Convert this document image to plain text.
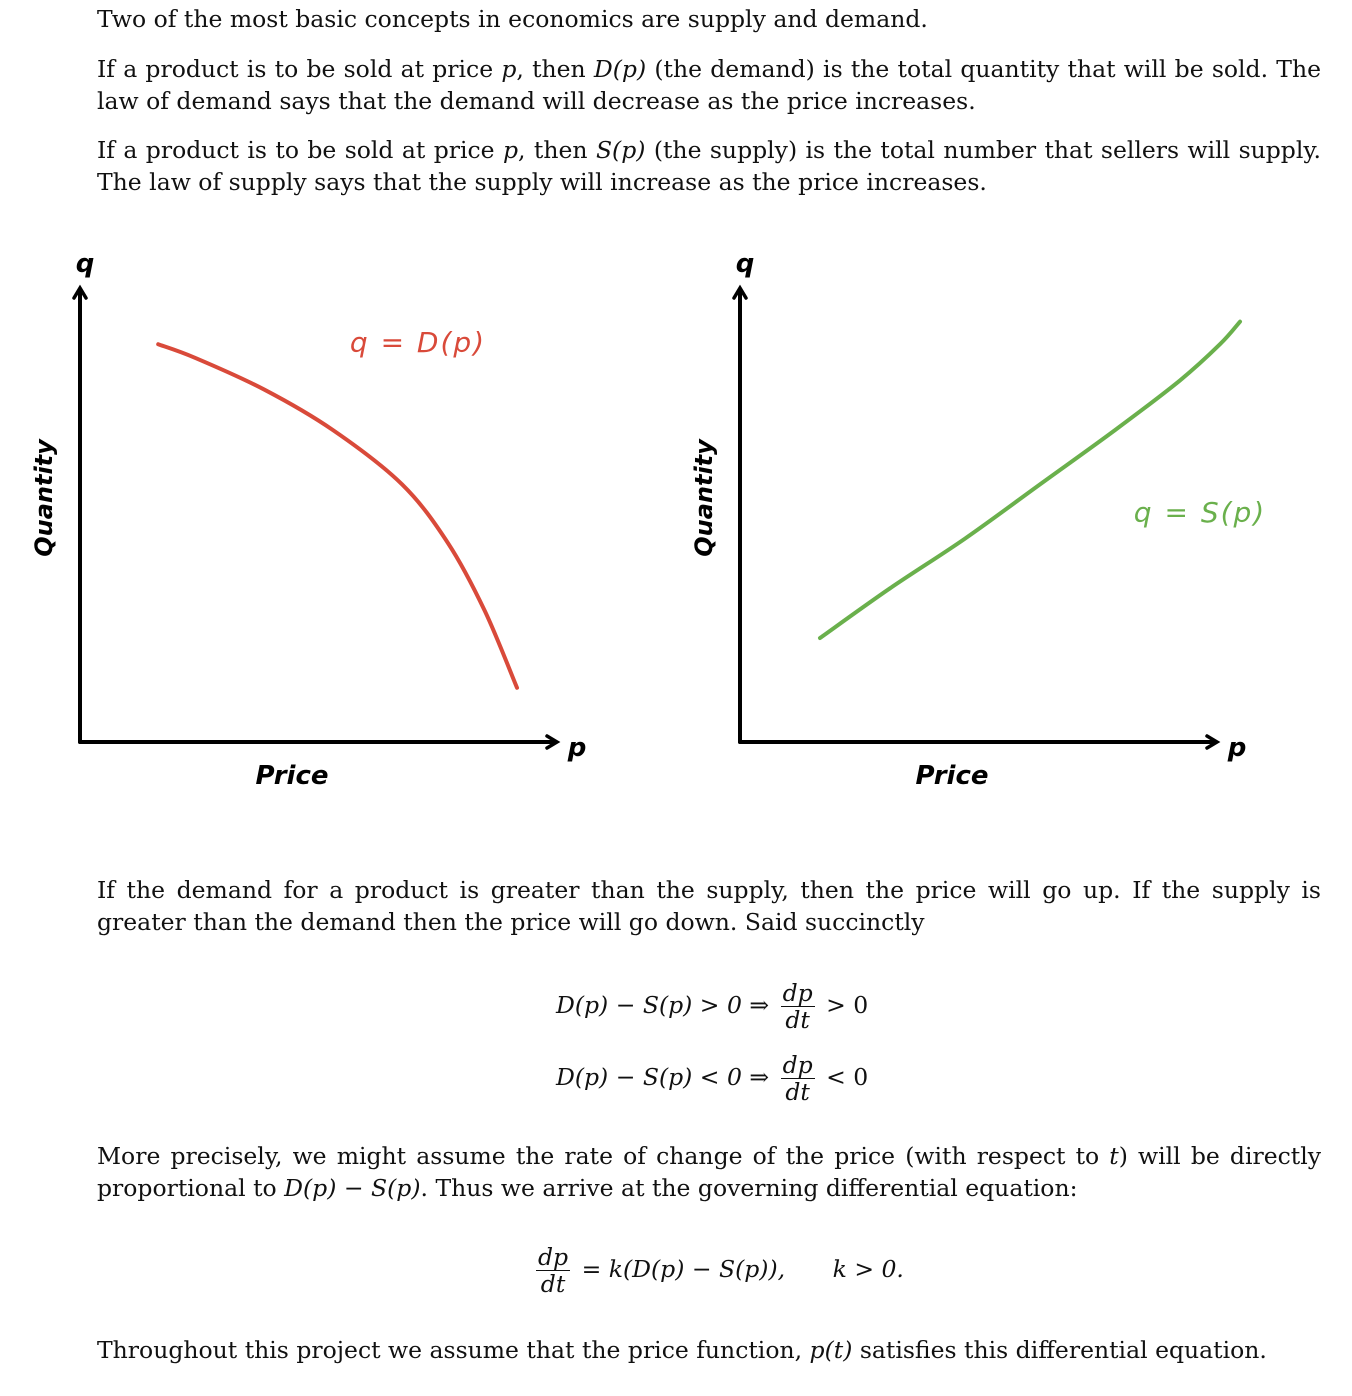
Two of the most basic concepts in economics are supply and demand.
If a product is to be sold at price p, then D(p) (the demand) is the total quantity that will be sold. The law of demand says that the demand will decrease as the price increases.
If a product is to be sold at price p, then S(p) (the supply) is the total number that sellers will supply. The law of supply says that the supply will increase as the price increases.
q
p
Price
Quantity
q = D(p)
q
p
Price
Quantity	q = S(p)
If the demand for a product is greater than the supply, then the price will go up. If the supply is greater than the demand then the price will go down. Said succinctly
D(p) − S(p) > 0 ⇒ $\frac{dp}{dt} > 0$
D(p) − S(p) < 0 ⇒ $\frac{dp}{dt} < 0$
More precisely, we might assume the rate of change of the price (with respect to t) will be directly proportional to D(p) − S(p). Thus we arrive at the governing differential equation:
$\frac{dp}{dt} = k(D(p) - S(p))$, k > 0.
Throughout this project we assume that the price function, p(t) satisfies this differential equation.
